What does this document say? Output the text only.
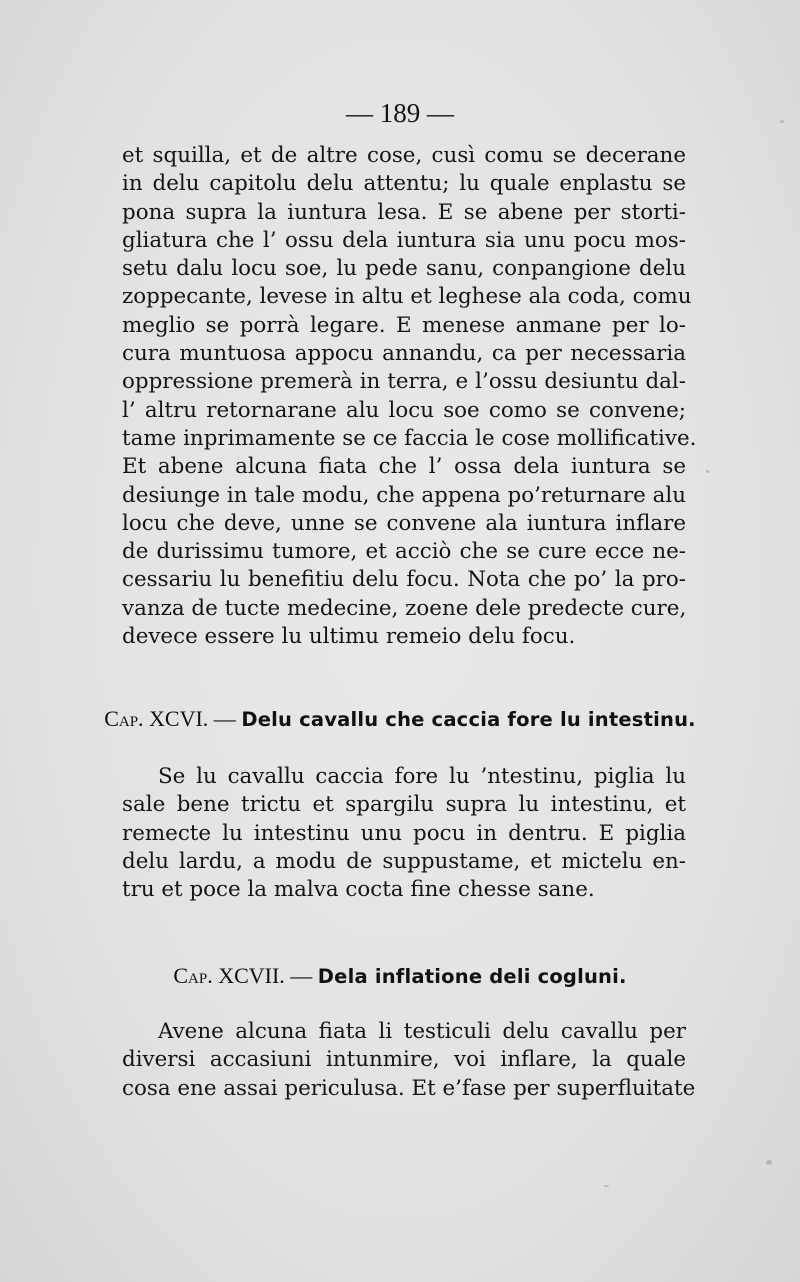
— 189 —
et squilla, et de altre cose, cusì comu se decerane
in delu capitolu delu attentu; lu quale enplastu se
pona supra la iuntura lesa. E se abene per storti-
gliatura che l’ ossu dela iuntura sia unu pocu mos-
setu dalu locu soe, lu pede sanu, conpangione delu
zoppecante, levese in altu et leghese ala coda, comu
meglio se porrà legare. E menese anmane per lo-
cura muntuosa appocu annandu, ca per necessaria
oppressione premerà in terra, e l’ossu desiuntu dal-
l’ altru retornarane alu locu soe como se convene;
tame inprimamente se ce faccia le cose mollificative.
Et abene alcuna fiata che l’ ossa dela iuntura se
desiunge in tale modu, che appena po’returnare alu
locu che deve, unne se convene ala iuntura inflare
de durissimu tumore, et acciò che se cure ecce ne-
cessariu lu benefitiu delu focu. Nota che po’ la pro-
vanza de tucte medecine, zoene dele predecte cure,
devece essere lu ultimu remeio delu focu.
Cap. XCVI. — Delu cavallu che caccia fore lu intestinu.
Se lu cavallu caccia fore lu ’ntestinu, piglia lu
sale bene trictu et spargilu supra lu intestinu, et
remecte lu intestinu unu pocu in dentru. E piglia
delu lardu, a modu de suppustame, et mictelu en-
tru et poce la malva cocta fine chesse sane.
Cap. XCVII. — Dela inflatione deli cogluni.
Avene alcuna fiata li testiculi delu cavallu per
diversi accasiuni intunmire, voi inflare, la quale
cosa ene assai periculusa. Et e’fase per superfluitate
